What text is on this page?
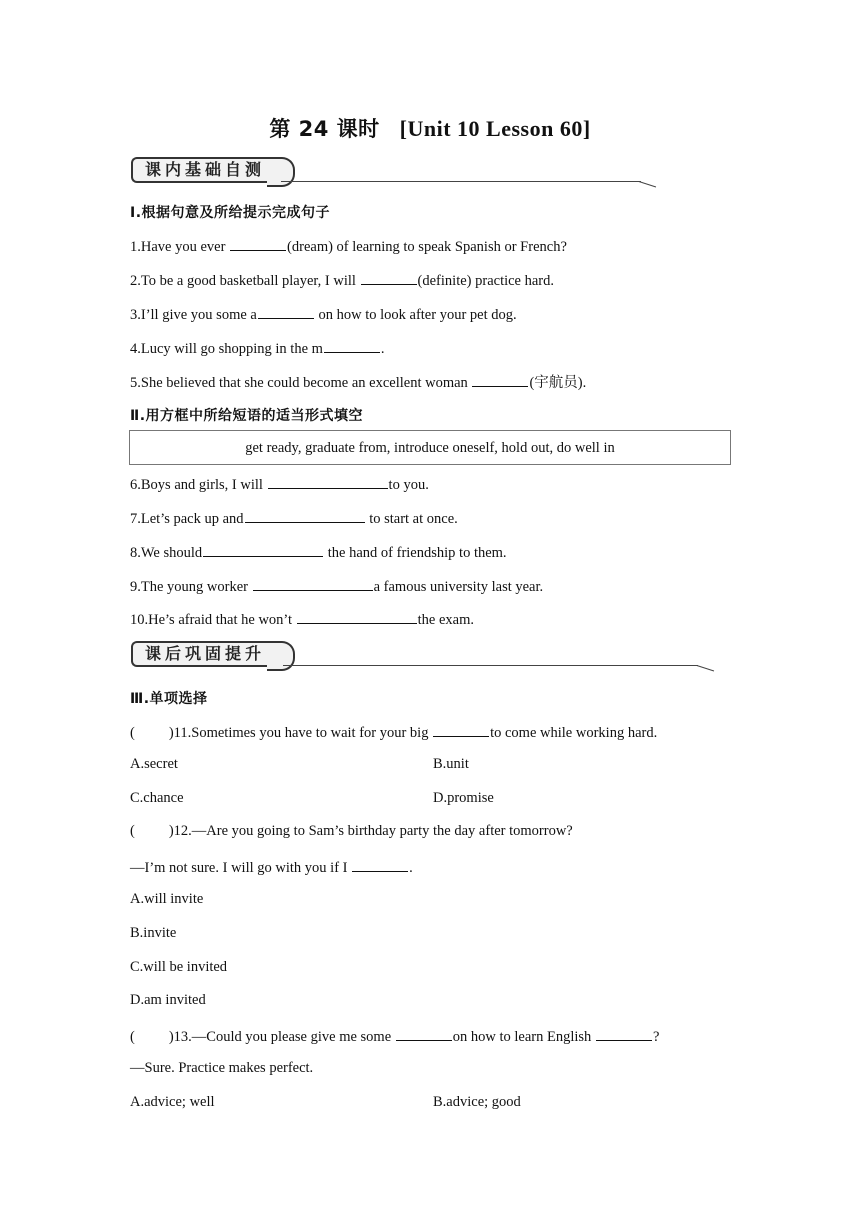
第 24 课时 [Unit 10 Lesson 60]
课内基础自测
Ⅰ.根据句意及所给提示完成句子
1.Have you ever	(dream) of learning to speak Spanish or French?
2.To be a good basketball player, I will	(definite) practice hard.
3.I’ll give you some a	on how to look after your pet dog.
4.Lucy will go shopping in the m	.
5.She believed that she could become an excellent woman	(宇航员).
Ⅱ.用方框中所给短语的适当形式填空
get ready, graduate from, introduce oneself, hold out, do well in
6.Boys and girls, I will	to you.
7.Let’s pack up and	to start at once.
8.We should	the hand of friendship to them.
9.The young worker	a famous university last year.
10.He’s afraid that he won’t	the exam.
课后巩固提升
Ⅲ.单项选择
( )11.Sometimes you have to wait for your big	to come while working hard.
A.secret	B.unit
C.chance	D.promise
( )12.—Are you going to Sam’s birthday party the day after tomorrow?
—I’m not sure. I will go with you if I	.
A.will invite
B.invite
C.will be invited
D.am invited
( )13.—Could you please give me some	on how to learn English	?
—Sure. Practice makes perfect.
A.advice; well	B.advice; good
